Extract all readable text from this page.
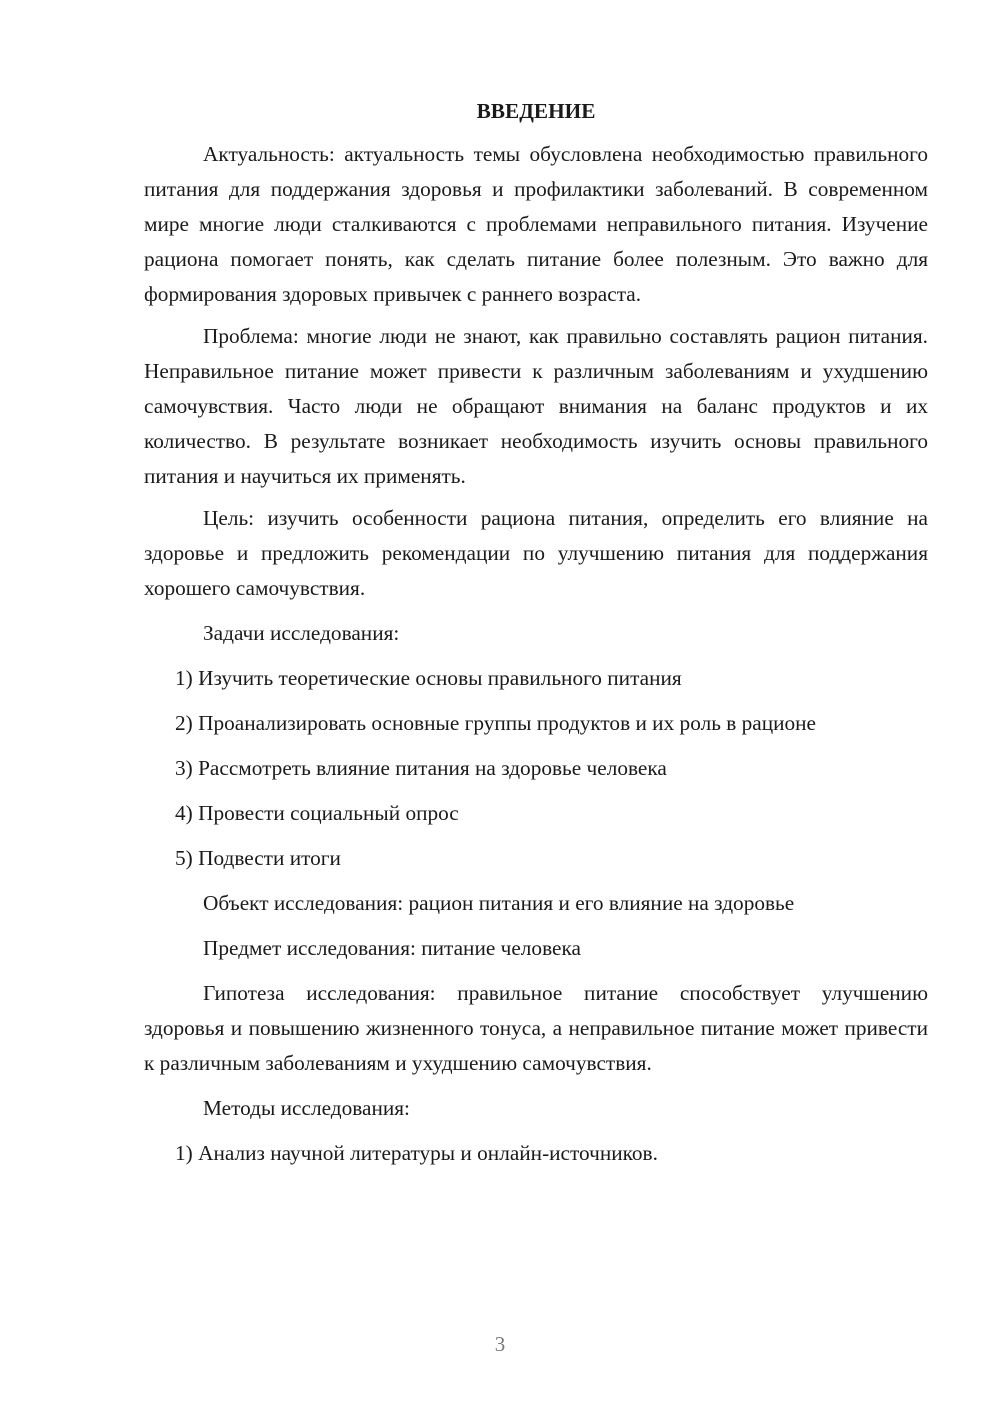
ВВЕДЕНИЕ

Актуальность: актуальность темы обусловлена необходимостью правильного питания для поддержания здоровья и профилактики заболеваний. В современном мире многие люди сталкиваются с проблемами неправильного питания. Изучение рациона помогает понять, как сделать питание более полезным. Это важно для формирования здоровых привычек с раннего возраста.

Проблема: многие люди не знают, как правильно составлять рацион питания. Неправильное питание может привести к различным заболеваниям и ухудшению самочувствия. Часто люди не обращают внимания на баланс продуктов и их количество. В результате возникает необходимость изучить основы правильного питания и научиться их применять.

Цель: изучить особенности рациона питания, определить его влияние на здоровье и предложить рекомендации по улучшению питания для поддержания хорошего самочувствия.

Задачи исследования:
1) Изучить теоретические основы правильного питания
2) Проанализировать основные группы продуктов и их роль в рационе
3) Рассмотреть влияние питания на здоровье человека
4) Провести социальный опрос
5) Подвести итоги
Объект исследования: рацион питания и его влияние на здоровье
Предмет исследования: питание человека

Гипотеза исследования: правильное питание способствует улучшению здоровья и повышению жизненного тонуса, а неправильное питание может привести к различным заболеваниям и ухудшению самочувствия.

Методы исследования:
1) Анализ научной литературы и онлайн-источников.
3
